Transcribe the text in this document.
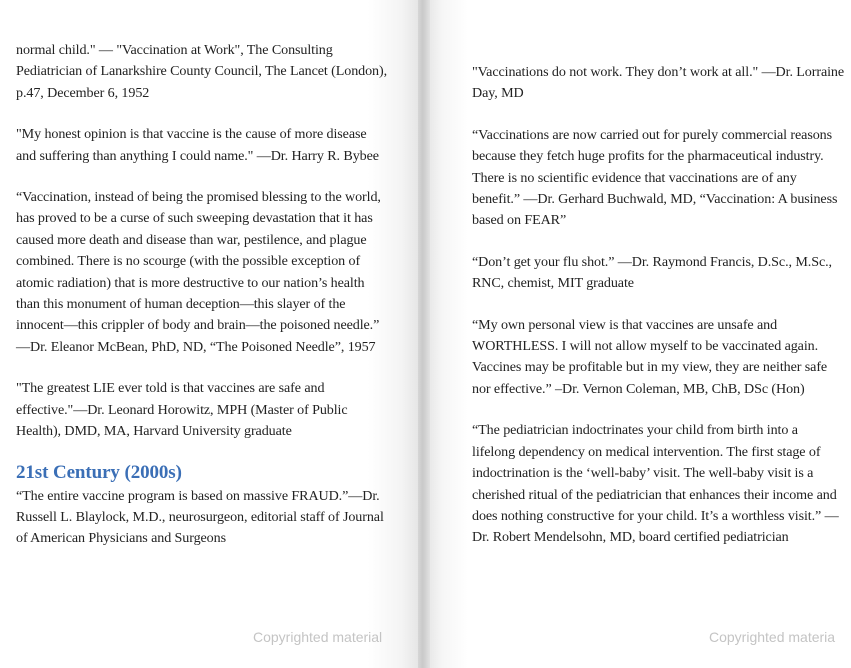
normal child." — "Vaccination at Work", The Consulting Pediatrician of Lanarkshire County Council, The Lancet (London), p.47, December 6, 1952

"My honest opinion is that vaccine is the cause of more disease and suffering than anything I could name." —Dr. Harry R. Bybee

“Vaccination, instead of being the promised blessing to the world, has proved to be a curse of such sweeping devastation that it has caused more death and disease than war, pestilence, and plague combined. There is no scourge (with the possible exception of atomic radiation) that is more destructive to our nation’s health than this monument of human deception—this slayer of the innocent—this crippler of body and brain—the poisoned needle.” —Dr. Eleanor McBean, PhD, ND, “The Poisoned Needle”, 1957

"The greatest LIE ever told is that vaccines are safe and effective."—Dr. Leonard Horowitz, MPH (Master of Public Health), DMD, MA, Harvard University graduate

21st Century (2000s)

“The entire vaccine program is based on massive FRAUD.”—Dr. Russell L. Blaylock, M.D., neurosurgeon, editorial staff of Journal of American Physicians and Surgeons

Copyrighted material

"Vaccinations do not work. They don’t work at all." —Dr. Lorraine Day, MD

“Vaccinations are now carried out for purely commercial reasons because they fetch huge profits for the pharmaceutical industry. There is no scientific evidence that vaccinations are of any benefit.” —Dr. Gerhard Buchwald, MD, “Vaccination: A business based on FEAR”

“Don’t get your flu shot.” —Dr. Raymond Francis, D.Sc., M.Sc., RNC, chemist, MIT graduate

“My own personal view is that vaccines are unsafe and WORTHLESS. I will not allow myself to be vaccinated again. Vaccines may be profitable but in my view, they are neither safe nor effective.” –Dr. Vernon Coleman, MB, ChB, DSc (Hon)

“The pediatrician indoctrinates your child from birth into a lifelong dependency on medical intervention. The first stage of indoctrination is the ‘well-baby’ visit. The well-baby visit is a cherished ritual of the pediatrician that enhances their income and does nothing constructive for your child. It’s a worthless visit.” —Dr. Robert Mendelsohn, MD, board certified pediatrician

Copyrighted materia
